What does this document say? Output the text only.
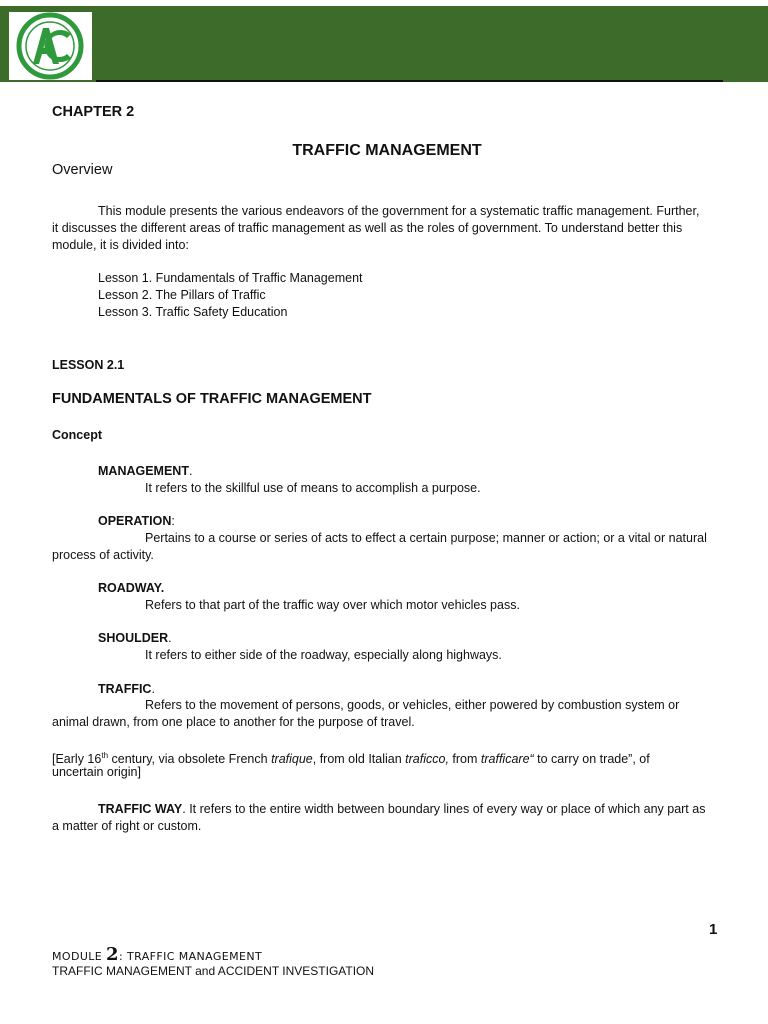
CHAPTER 2
TRAFFIC MANAGEMENT
Overview
This module presents the various endeavors of the government for a systematic traffic management. Further,
it discusses the different areas of traffic management as well as the roles of government. To understand better this
module, it is divided into:
Lesson 1. Fundamentals of Traffic Management
Lesson 2. The Pillars of Traffic
Lesson 3. Traffic Safety Education
LESSON 2.1
FUNDAMENTALS OF TRAFFIC MANAGEMENT
Concept
MANAGEMENT.
It refers to the skillful use of means to accomplish a purpose.
OPERATION:
Pertains to a course or series of acts to effect a certain purpose; manner or action; or a vital or natural
process of activity.
ROADWAY.
Refers to that part of the traffic way over which motor vehicles pass.
SHOULDER.
It refers to either side of the roadway, especially along highways.
TRAFFIC.
Refers to the movement of persons, goods, or vehicles, either powered by combustion system or
animal drawn, from one place to another for the purpose of travel.
[Early 16th century, via obsolete French trafique, from old Italian traficco, from trafficare“ to carry on trade”, of
uncertain origin]
TRAFFIC WAY. It refers to the entire width between boundary lines of every way or place of which any part as
a matter of right or custom.
1
MODULE 2: TRAFFIC MANAGEMENT
TRAFFIC MANAGEMENT and ACCIDENT INVESTIGATION
